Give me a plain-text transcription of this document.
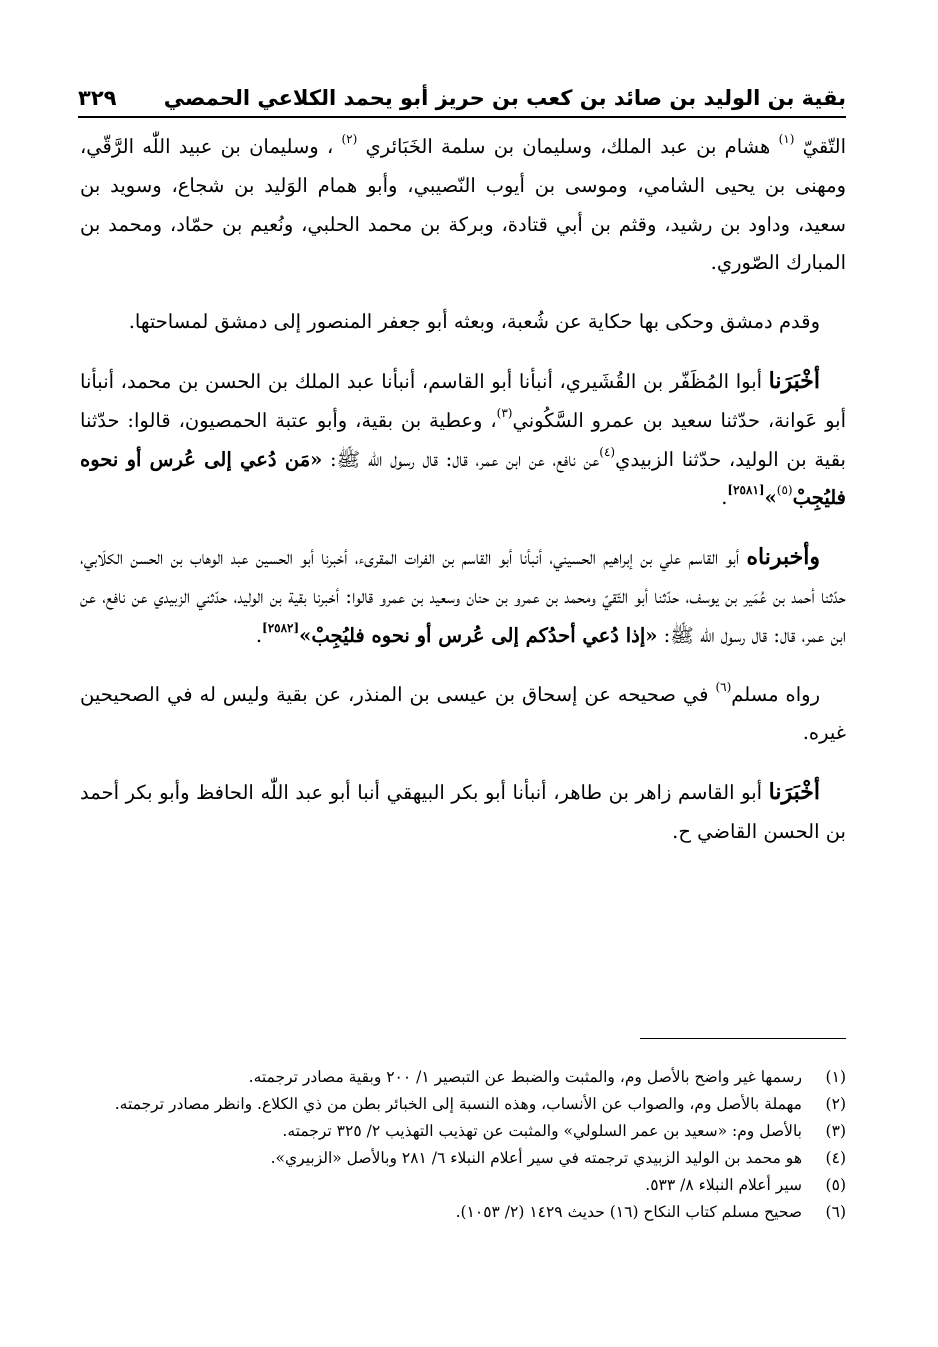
بقية بن الوليد بن صائد بن كعب بن حريز أبو يحمد الكلاعي الحمصي
٣٢٩

التّقيّ $^{(١)}$ هشام بن عبد الملك، وسليمان بن سلمة الخَبَائري $^{(٢)}$ ، وسليمان بن عبيد اللّٰه الرَّقّي، ومهنى بن يحيى الشامي، وموسى بن أيوب النّصيبي، وأبو همام الوَليد بن شجاع، وسويد بن سعيد، وداود بن رشيد، وقثم بن أبي قتادة، وبركة بن محمد الحلبي، ونُعيم بن حمّاد، ومحمد بن المبارك الصّوري.

وقدم دمشق وحكى بها حكاية عن شُعبة، وبعثه أبو جعفر المنصور إلى دمشق لمساحتها.

أخْبَرَنا أبوا المُظَفّر بن القُشَيري، أنبأنا أبو القاسم، أنبأنا عبد الملك بن الحسن بن محمد، أنبأنا أبو عَوانة، حدّثنا سعيد بن عمرو السَّكُوني$^{(٣)}$، وعطية بن بقية، وأبو عتبة الحمصيون، قالوا: حدّثنا بقية بن الوليد، حدّثنا الزبيدي$^{(٤)}$عن نافع، عن ابن عمر، قال: قال رسول الله ﷺ: «مَن دُعي إلى عُرس أو نحوه فليُجِبْ$^{(٥)}$»[٢٥٨١].

وأخبرناه أبو القاسم علي بن إبراهيم الحسيني، أنبأنا أبو القاسم بن الفرات المقرىء، أخبرنا أبو الحسين عبد الوهاب بن الحسن الكلَابي، حدّثنا أحمد بن عُمَير بن يوسف، حدّثنا أبو التّقيّ ومحمد بن عمرو بن حنان وسعيد بن عمرو قالوا: أخبرنا بقية بن الوليد، حدّثني الزبيدي عن نافع، عن ابن عمر، قال: قال رسول الله ﷺ: «إذا دُعي أحدُكم إلى عُرس أو نحوه فليُجِبْ»[٢٥٨٢].

رواه مسلم$^{(٦)}$ في صحيحه عن إسحاق بن عيسى بن المنذر، عن بقية وليس له في الصحيحين غيره.

أخْبَرَنا أبو القاسم زاهر بن طاهر، أنبأنا أبو بكر البيهقي أنبا أبو عبد اللّٰه الحافظ وأبو بكر أحمد بن الحسن القاضي ح.

(١)
رسمها غير واضح بالأصل وم، والمثبت والضبط عن التبصير ١/ ٢٠٠ وبقية مصادر ترجمته.
(٢)
مهملة بالأصل وم، والصواب عن الأنساب، وهذه النسبة إلى الخبائر بطن من ذي الكلاع. وانظر مصادر ترجمته.
(٣)
بالأصل وم: «سعيد بن عمر السلولي» والمثبت عن تهذيب التهذيب ٢/ ٣٢٥ ترجمته.
(٤)
هو محمد بن الوليد الزبيدي ترجمته في سير أعلام النبلاء ٦/ ٢٨١ وبالأصل «الزبيري».
(٥)
سير أعلام النبلاء ٨/ ٥٣٣.
(٦)
صحيح مسلم كتاب النكاح (١٦) حديث ١٤٢٩ (٢/ ١٠٥٣).
